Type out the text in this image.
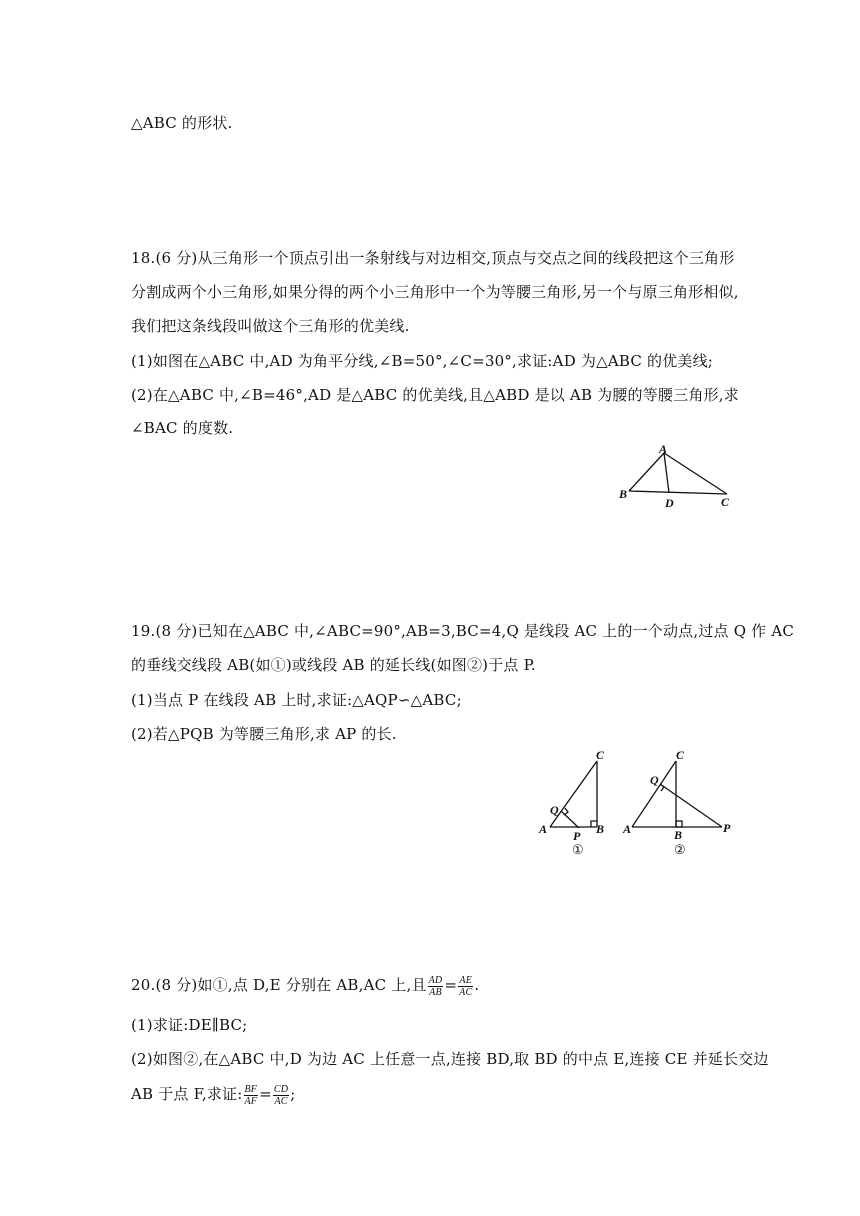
△ABC 的形状.
18.(6 分)从三角形一个顶点引出一条射线与对边相交,顶点与交点之间的线段把这个三角形
分割成两个小三角形,如果分得的两个小三角形中一个为等腰三角形,另一个与原三角形相似,
我们把这条线段叫做这个三角形的优美线.
(1)如图在△ABC 中,AD 为角平分线,∠B=50°,∠C=30°,求证:AD 为△ABC 的优美线;
(2)在△ABC 中,∠B=46°,AD 是△ABC 的优美线,且△ABD 是以 AB 为腰的等腰三角形,求
∠BAC 的度数.
A
B
D	C
19.(8 分)已知在△ABC 中,∠ABC=90°,AB=3,BC=4,Q 是线段 AC 上的一个动点,过点 Q 作 AC
的垂线交线段 AB(如①)或线段 AB 的延长线(如图②)于点 P.
(1)当点 P 在线段 AB 上时,求证:△AQP∽△ABC;
(2)若△PQB 为等腰三角形,求 AP 的长.
C
Q
A P B
①
C
Q
A	B	P
②
20.(8 分)如①,点 D,E 分别在 AB,AC 上,且 $\frac{AD}{AB} = \frac{AE}{AC}$ .
(1)求证:DE∥BC;
(2)如图②,在△ABC 中,D 为边 AC 上任意一点,连接 BD,取 BD 的中点 E,连接 CE 并延长交边
AB 于点 F,求证: $\frac{BF}{AF} = \frac{CD}{AC}$ ;
